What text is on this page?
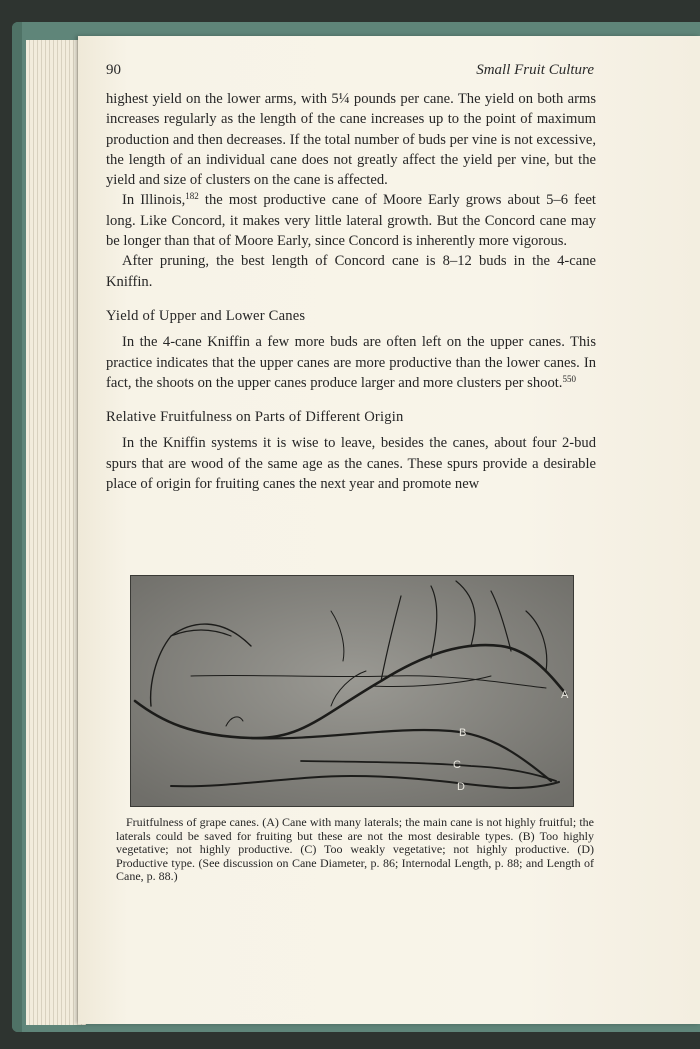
90	Small Fruit Culture

highest yield on the lower arms, with 5¼ pounds per cane. The yield on both arms increases regularly as the length of the cane increases up to the point of maximum production and then decreases. If the total number of buds per vine is not excessive, the length of an individual cane does not greatly affect the yield per vine, but the yield and size of clusters on the cane is affected.

In Illinois,$^{182}$ the most productive cane of Moore Early grows about 5–6 feet long. Like Concord, it makes very little lateral growth. But the Concord cane may be longer than that of Moore Early, since Concord is inherently more vigorous.

After pruning, the best length of Concord cane is 8–12 buds in the 4-cane Kniffin.

Yield of Upper and Lower Canes

In the 4-cane Kniffin a few more buds are often left on the upper canes. This practice indicates that the upper canes are more productive than the lower canes. In fact, the shoots on the upper canes produce larger and more clusters per shoot.$^{550}$

Relative Fruitfulness on Parts of Different Origin

In the Kniffin systems it is wise to leave, besides the canes, about four 2-bud spurs that are wood of the same age as the canes. These spurs provide a desirable place of origin for fruiting canes the next year and promote new

A
B
C
D

Fruitfulness of grape canes. (A) Cane with many laterals; the main cane is not highly fruitful; the laterals could be saved for fruiting but these are not the most desirable types. (B) Too highly vegetative; not highly productive. (C) Too weakly vegetative; not highly productive. (D) Productive type. (See discussion on Cane Diameter, p. 86; Internodal Length, p. 88; and Length of Cane, p. 88.)
